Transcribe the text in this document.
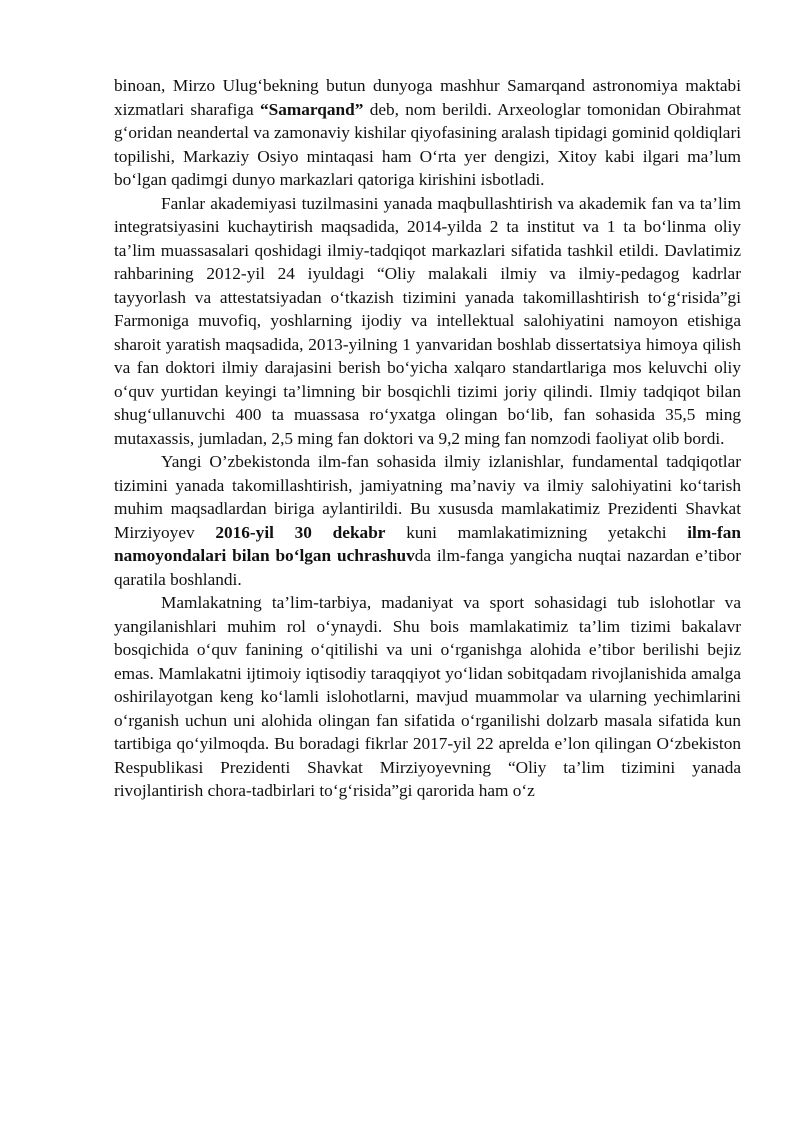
binoan, Mirzo Ulug‘bekning butun dunyoga mashhur Samarqand astronomiya maktabi xizmatlari sharafiga “Samarqand” deb, nom berildi. Arxeologlar tomonidan Obirahmat g‘oridan neandertal va zamonaviy kishilar qiyofasining aralash tipidagi gominid qoldiqlari topilishi, Markaziy Osiyo mintaqasi ham O‘rta yer dengizi, Xitoy kabi ilgari ma’lum bo‘lgan qadimgi dunyo markazlari qatoriga kirishini isbotladi.

Fanlar akademiyasi tuzilmasini yanada maqbullashtirish va akademik fan va ta’lim integratsiyasini kuchaytirish maqsadida, 2014-yilda 2 ta institut va 1 ta bo‘linma oliy ta’lim muassasalari qoshidagi ilmiy-tadqiqot markazlari sifatida tashkil etildi. Davlatimiz rahbarining 2012-yil 24 iyuldagi “Oliy malakali ilmiy va ilmiy-pedagog kadrlar tayyorlash va attestatsiyadan o‘tkazish tizimini yanada takomillashtirish to‘g‘risida”gi Farmoniga muvofiq, yoshlarning ijodiy va intellektual salohiyatini namoyon etishiga sharoit yaratish maqsadida, 2013-yilning 1 yanvaridan boshlab dissertatsiya himoya qilish va fan doktori ilmiy darajasini berish bo‘yicha xalqaro standartlariga mos keluvchi oliy o‘quv yurtidan keyingi ta’limning bir bosqichli tizimi joriy qilindi. Ilmiy tadqiqot bilan shug‘ullanuvchi 400 ta muassasa ro‘yxatga olingan bo‘lib, fan sohasida 35,5 ming mutaxassis, jumladan, 2,5 ming fan doktori va 9,2 ming fan nomzodi faoliyat olib bordi.

Yangi O’zbekistonda ilm-fan sohasida ilmiy izlanishlar, fundamental tadqiqotlar tizimini yanada takomillashtirish, jamiyatning ma’naviy va ilmiy salohiyatini ko‘tarish muhim maqsadlardan biriga aylantirildi. Bu xususda mamlakatimiz Prezidenti Shavkat Mirziyoyev 2016-yil 30 dekabr kuni mamlakatimizning yetakchi ilm-fan namoyondalari bilan bo‘lgan uchrashuvda ilm-fanga yangicha nuqtai nazardan e’tibor qaratila boshlandi.

Mamlakatning ta’lim-tarbiya, madaniyat va sport sohasidagi tub islohotlar va yangilanishlari muhim rol o‘ynaydi. Shu bois mamlakatimiz ta’lim tizimi bakalavr bosqichida o‘quv fanining o‘qitilishi va uni o‘rganishga alohida e’tibor berilishi bejiz emas. Mamlakatni ijtimoiy iqtisodiy taraqqiyot yo‘lidan sobitqadam rivojlanishida amalga oshirilayotgan keng ko‘lamli islohotlarni, mavjud muammolar va ularning yechimlarini o‘rganish uchun uni alohida olingan fan sifatida o‘rganilishi dolzarb masala sifatida kun tartibiga qo‘yilmoqda. Bu boradagi fikrlar 2017-yil 22 aprelda e’lon qilingan O‘zbekiston Respublikasi Prezidenti Shavkat Mirziyoyevning “Oliy ta’lim tizimini yanada rivojlantirish chora-tadbirlari to‘g‘risida”gi qarorida ham o‘z
